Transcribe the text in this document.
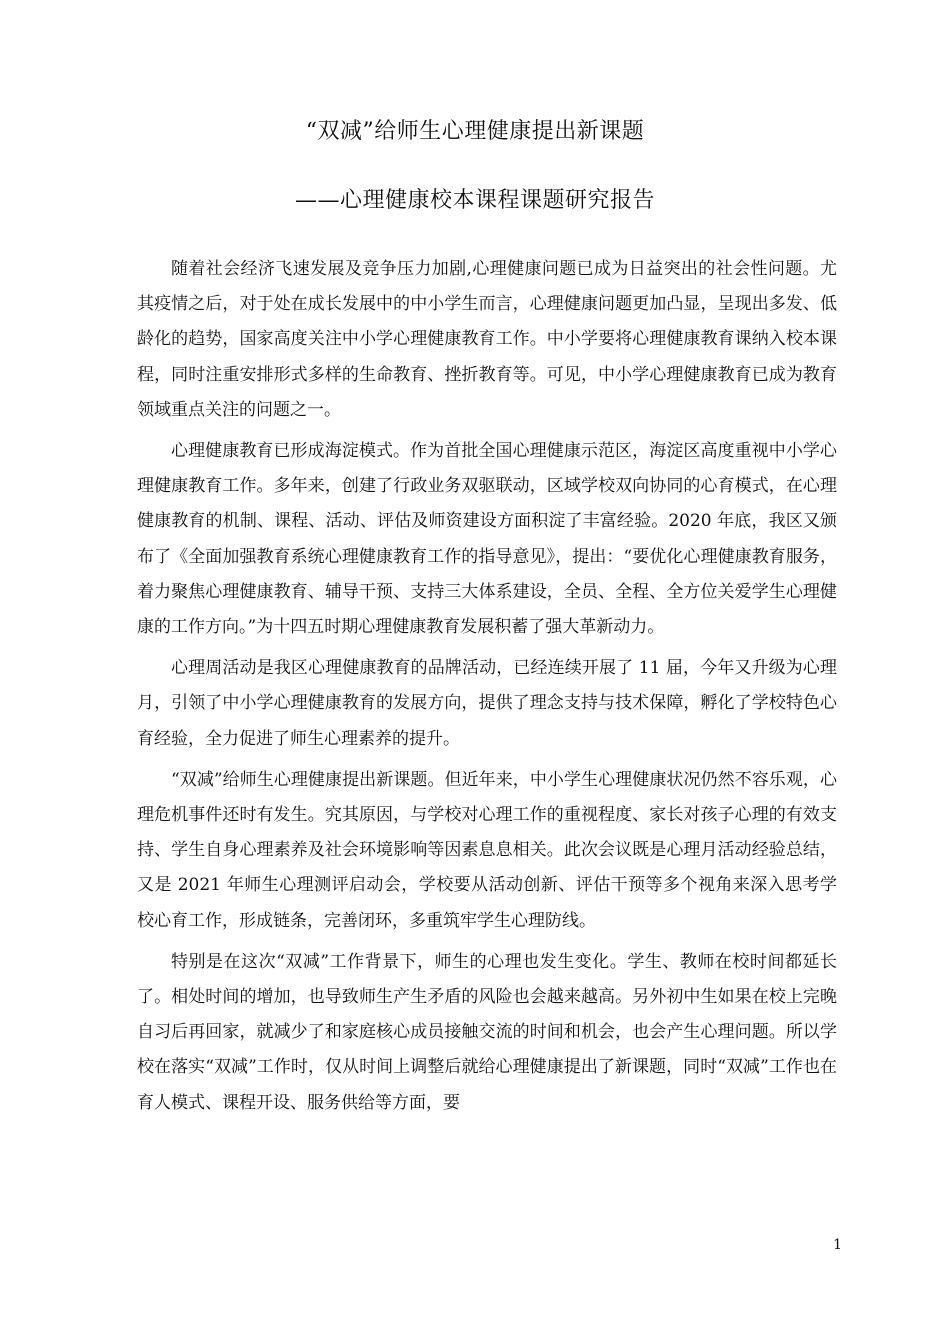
“双减”给师生心理健康提出新课题
——心理健康校本课程课题研究报告

随着社会经济飞速发展及竞争压力加剧,心理健康问题已成为日益突出的社会性问题。尤其疫情之后，对于处在成长发展中的中小学生而言，心理健康问题更加凸显，呈现出多发、低龄化的趋势，国家高度关注中小学心理健康教育工作。中小学要将心理健康教育课纳入校本课程，同时注重安排形式多样的生命教育、挫折教育等。可见，中小学心理健康教育已成为教育领域重点关注的问题之一。

心理健康教育已形成海淀模式。作为首批全国心理健康示范区，海淀区高度重视中小学心理健康教育工作。多年来，创建了行政业务双驱联动，区域学校双向协同的心育模式，在心理健康教育的机制、课程、活动、评估及师资建设方面积淀了丰富经验。2020 年底，我区又颁布了《全面加强教育系统心理健康教育工作的指导意见》，提出：“要优化心理健康教育服务，着力聚焦心理健康教育、辅导干预、支持三大体系建设，全员、全程、全方位关爱学生心理健康的工作方向。”为十四五时期心理健康教育发展积蓄了强大革新动力。

心理周活动是我区心理健康教育的品牌活动，已经连续开展了 11 届，今年又升级为心理月，引领了中小学心理健康教育的发展方向，提供了理念支持与技术保障，孵化了学校特色心育经验，全力促进了师生心理素养的提升。

“双减”给师生心理健康提出新课题。但近年来，中小学生心理健康状况仍然不容乐观，心理危机事件还时有发生。究其原因，与学校对心理工作的重视程度、家长对孩子心理的有效支持、学生自身心理素养及社会环境影响等因素息息相关。此次会议既是心理月活动经验总结，又是 2021 年师生心理测评启动会，学校要从活动创新、评估干预等多个视角来深入思考学校心育工作，形成链条，完善闭环，多重筑牢学生心理防线。

特别是在这次“双减”工作背景下，师生的心理也发生变化。学生、教师在校时间都延长了。相处时间的增加，也导致师生产生矛盾的风险也会越来越高。另外初中生如果在校上完晚自习后再回家，就减少了和家庭核心成员接触交流的时间和机会，也会产生心理问题。所以学校在落实“双减”工作时，仅从时间上调整后就给心理健康提出了新课题，同时“双减”工作也在育人模式、课程开设、服务供给等方面，要

1
